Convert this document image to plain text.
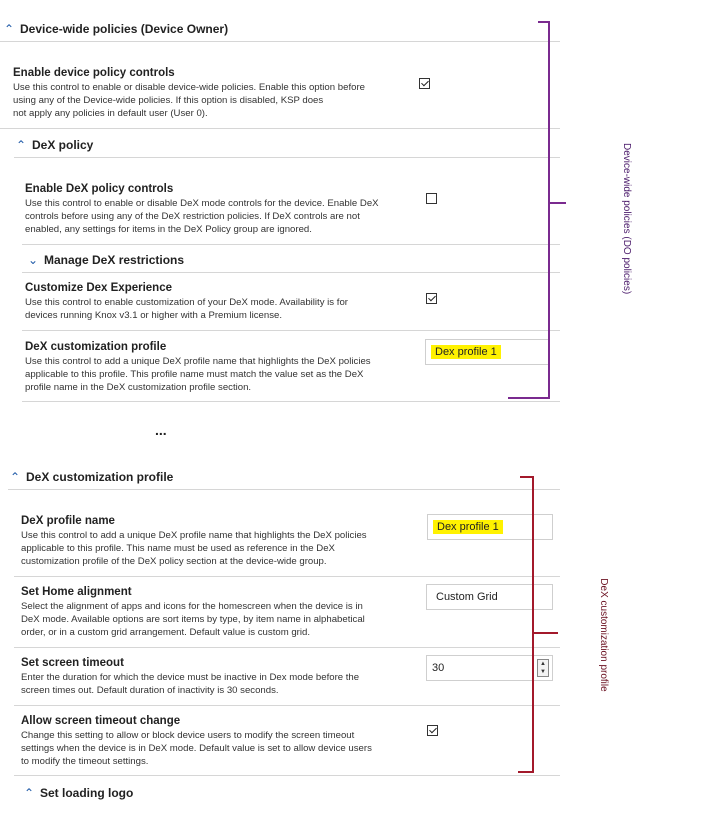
⌃ Device-wide policies (Device Owner)
Enable device policy controls
Use this control to enable or disable device-wide policies. Enable this option before
using any of the Device-wide policies. If this option is disabled, KSP does
not apply any policies in default user (User 0).
⌃ DeX policy
Enable DeX policy controls
Use this control to enable or disable DeX mode controls for the device. Enable DeX
controls before using any of the DeX restriction policies. If DeX controls are not
enabled, any settings for items in the DeX Policy group are ignored.
⌄ Manage DeX restrictions
Customize Dex Experience
Use this control to enable customization of your DeX mode. Availability is for
devices running Knox v3.1 or higher with a Premium license.
DeX customization profile
Use this control to add a unique DeX profile name that highlights the DeX policies
applicable to this profile. This profile name must match the value set as the DeX
profile name in the DeX customization profile section.
Dex profile 1
Device-wide policies (DO policies)
...
⌃ DeX customization profile
DeX profile name
Use this control to add a unique DeX profile name that highlights the DeX policies
applicable to this profile. This name must be used as reference in the DeX
customization profile of the DeX policy section at the device-wide group.
Dex profile 1
Set Home alignment
Select the alignment of apps and icons for the homescreen when the device is in
DeX mode. Available options are sort items by type, by item name in alphabetical
order, or in a custom grid arrangement. Default value is custom grid.
Custom Grid
Set screen timeout
Enter the duration for which the device must be inactive in Dex mode before the
screen times out. Default duration of inactivity is 30 seconds.
30	▲
▼
Allow screen timeout change
Change this setting to allow or block device users to modify the screen timeout
settings when the device is in DeX mode. Default value is set to allow device users
to modify the timeout settings.
⌃ Set loading logo
DeX customization profile
